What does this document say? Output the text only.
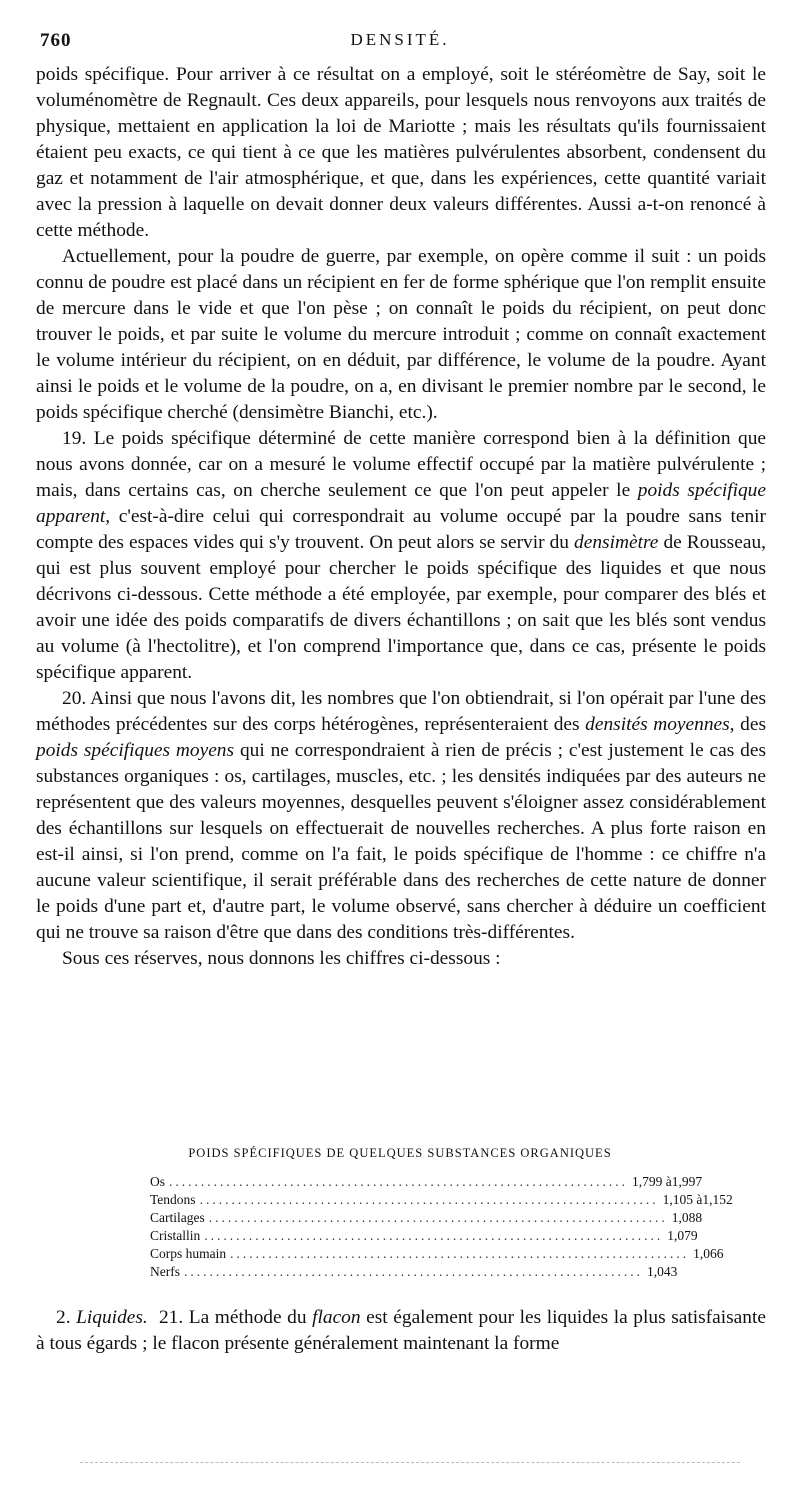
760	DENSITÉ.

poids spécifique. Pour arriver à ce résultat on a employé, soit le stéréomètre de Say, soit le voluménomètre de Regnault. Ces deux appareils, pour lesquels nous renvoyons aux traités de physique, mettaient en application la loi de Mariotte ; mais les résultats qu'ils fournissaient étaient peu exacts, ce qui tient à ce que les matières pulvérulentes absorbent, condensent du gaz et notamment de l'air atmosphérique, et que, dans les expériences, cette quantité variait avec la pression à laquelle on devait donner deux valeurs différentes. Aussi a-t-on renoncé à cette méthode.

Actuellement, pour la poudre de guerre, par exemple, on opère comme il suit : un poids connu de poudre est placé dans un récipient en fer de forme sphérique que l'on remplit ensuite de mercure dans le vide et que l'on pèse ; on connaît le poids du récipient, on peut donc trouver le poids, et par suite le volume du mercure introduit ; comme on connaît exactement le volume intérieur du récipient, on en déduit, par différence, le volume de la poudre. Ayant ainsi le poids et le volume de la poudre, on a, en divisant le premier nombre par le second, le poids spécifique cherché (densimètre Bianchi, etc.).

19. Le poids spécifique déterminé de cette manière correspond bien à la définition que nous avons donnée, car on a mesuré le volume effectif occupé par la matière pulvérulente ; mais, dans certains cas, on cherche seulement ce que l'on peut appeler le poids spécifique apparent, c'est-à-dire celui qui correspondrait au volume occupé par la poudre sans tenir compte des espaces vides qui s'y trouvent. On peut alors se servir du densimètre de Rousseau, qui est plus souvent employé pour chercher le poids spécifique des liquides et que nous décrivons ci-dessous. Cette méthode a été employée, par exemple, pour comparer des blés et avoir une idée des poids comparatifs de divers échantillons ; on sait que les blés sont vendus au volume (à l'hectolitre), et l'on comprend l'importance que, dans ce cas, présente le poids spécifique apparent.

20. Ainsi que nous l'avons dit, les nombres que l'on obtiendrait, si l'on opérait par l'une des méthodes précédentes sur des corps hétérogènes, représenteraient des densités moyennes, des poids spécifiques moyens qui ne correspondraient à rien de précis ; c'est justement le cas des substances organiques : os, cartilages, muscles, etc. ; les densités indiquées par des auteurs ne représentent que des valeurs moyennes, desquelles peuvent s'éloigner assez considérablement des échantillons sur lesquels on effectuerait de nouvelles recherches. A plus forte raison en est-il ainsi, si l'on prend, comme on l'a fait, le poids spécifique de l'homme : ce chiffre n'a aucune valeur scientifique, il serait préférable dans des recherches de cette nature de donner le poids d'une part et, d'autre part, le volume observé, sans chercher à déduire un coefficient qui ne trouve sa raison d'être que dans des conditions très-différentes.

Sous ces réserves, nous donnons les chiffres ci-dessous :

POIDS SPÉCIFIQUES DE QUELQUES SUBSTANCES ORGANIQUES
Os ........................................................................ 1,799 à 1,997
Tendons ........................................................................ 1,105 à 1,152
Cartilages ........................................................................ 1,088
Cristallin ........................................................................ 1,079
Corps humain ........................................................................ 1,066
Nerfs ........................................................................ 1,043

2. Liquides. 21. La méthode du flacon est également pour les liquides la plus satisfaisante à tous égards ; le flacon présente généralement maintenant la forme
